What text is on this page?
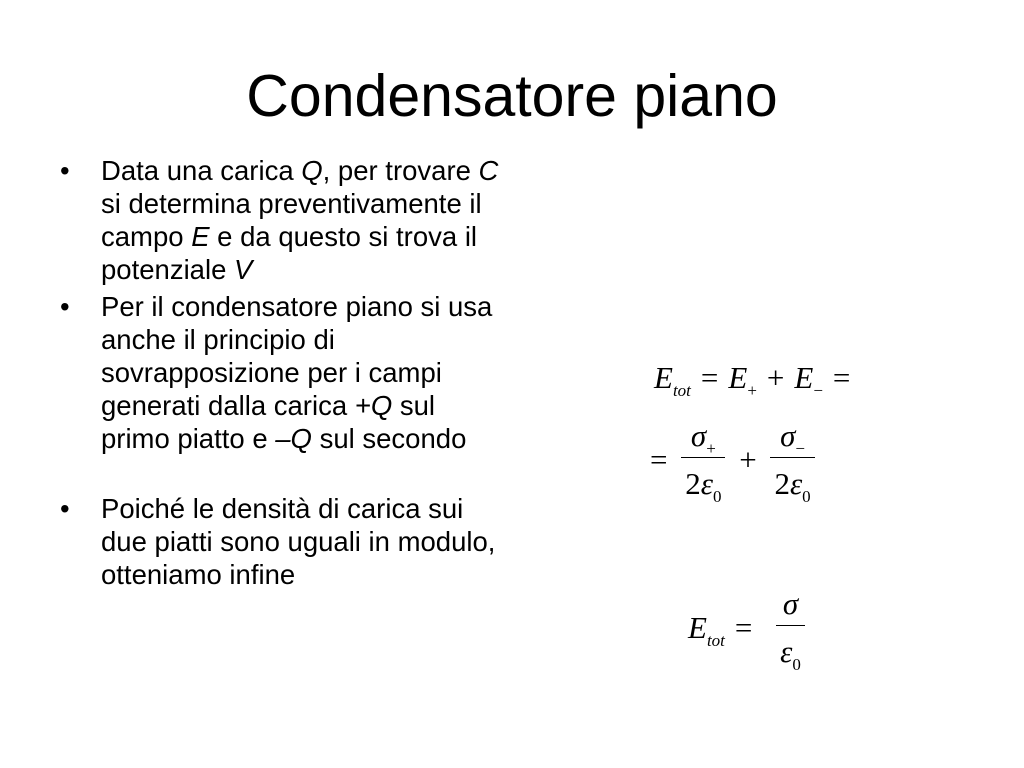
Condensatore piano
• Data una carica Q, per trovare C si determina preventivamente il campo E e da questo si trova il potenziale V
• Per il condensatore piano si usa anche il principio di sovrapposizione per i campi generati dalla carica +Q sul primo piatto e –Q sul secondo
• Poiché le densità di carica sui due piatti sono uguali in modulo, otteniamo infine
$E_{tot} = E_+ + E_-$ =
= $\frac{\sigma_+}{2\varepsilon_0} + \frac{\sigma_-}{2\varepsilon_0}$
$E_{tot} = \frac{\sigma}{\varepsilon_0}$
